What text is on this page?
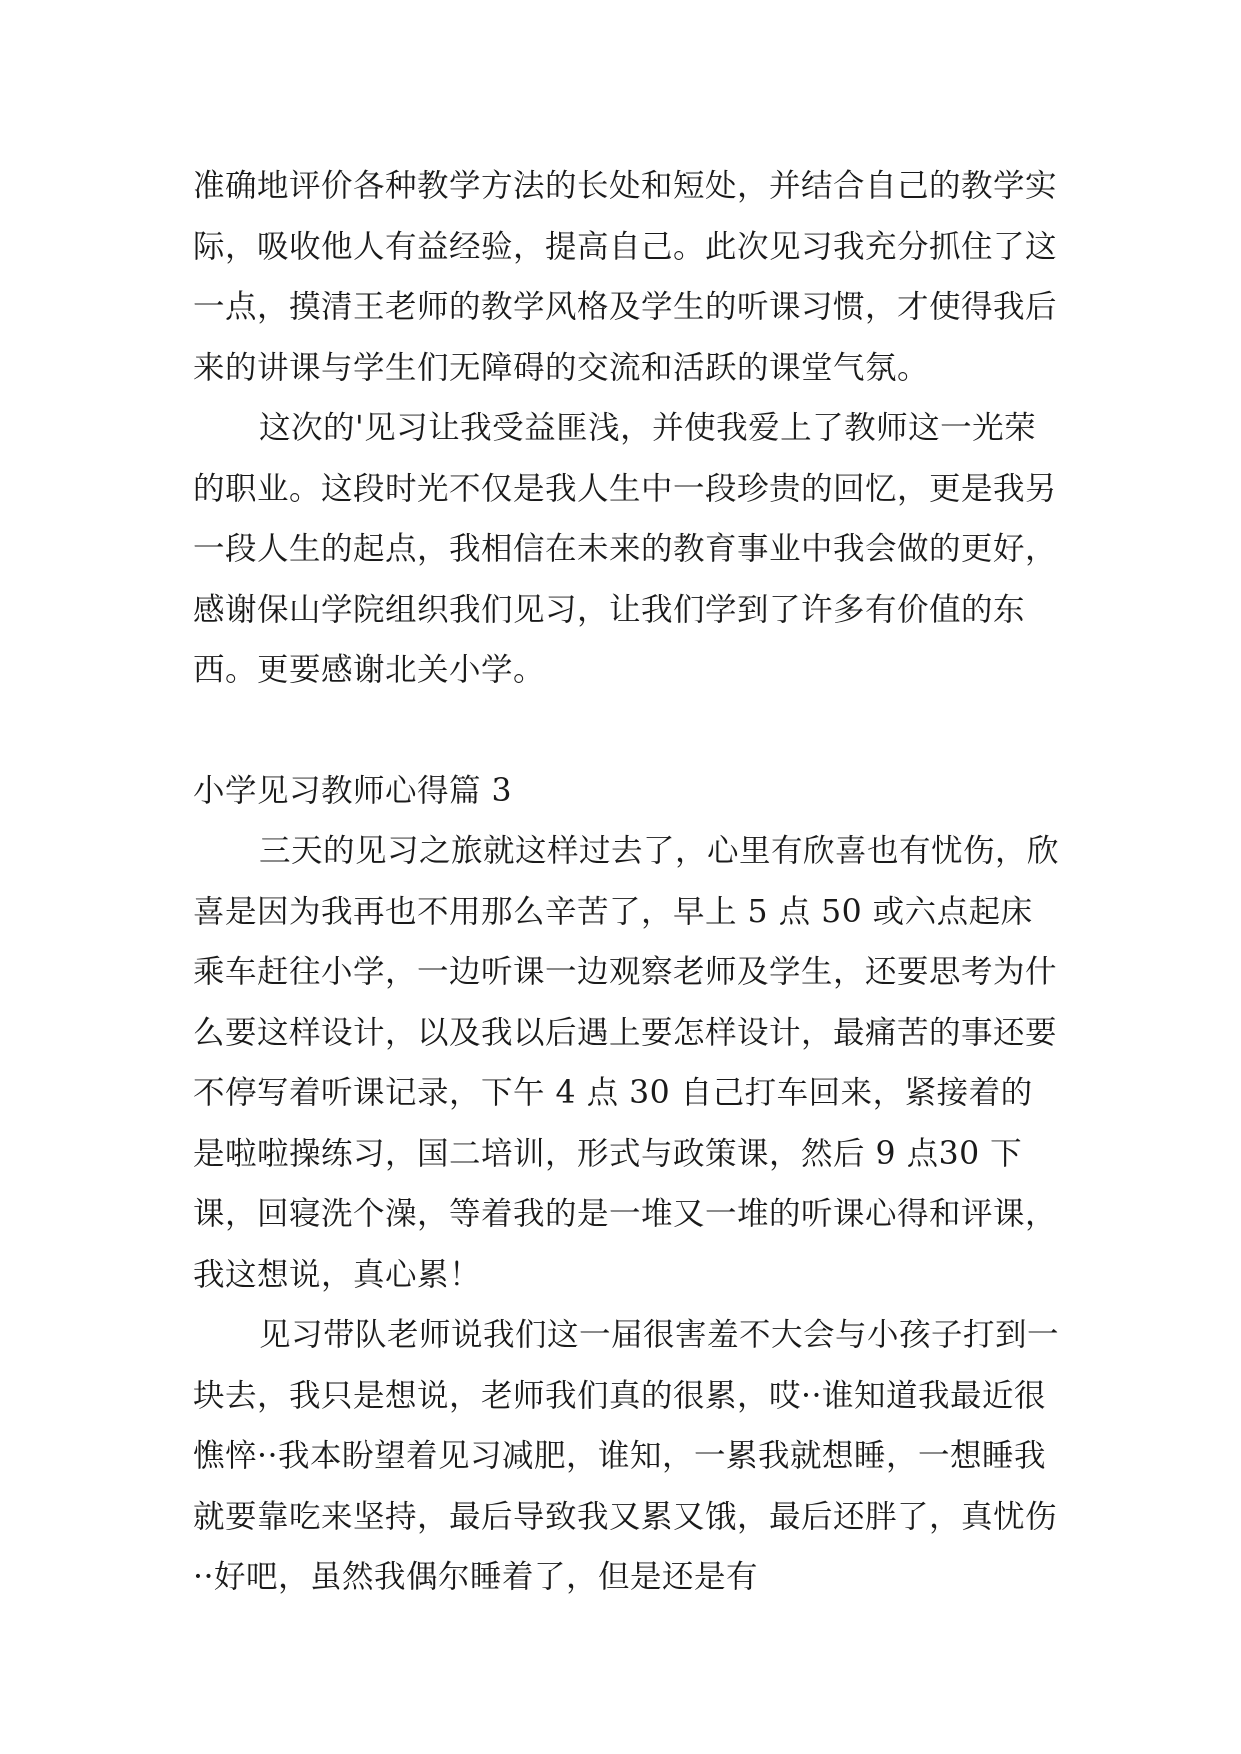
准确地评价各种教学方法的长处和短处，并结合自己的教学实际，吸收他人有益经验，提高自己。此次见习我充分抓住了这一点，摸清王老师的教学风格及学生的听课习惯，才使得我后来的讲课与学生们无障碍的交流和活跃的课堂气氛。

这次的'见习让我受益匪浅，并使我爱上了教师这一光荣的职业。这段时光不仅是我人生中一段珍贵的回忆，更是我另一段人生的起点，我相信在未来的教育事业中我会做的更好，感谢保山学院组织我们见习，让我们学到了许多有价值的东西。更要感谢北关小学。

小学见习教师心得篇 3

三天的见习之旅就这样过去了，心里有欣喜也有忧伤，欣喜是因为我再也不用那么辛苦了，早上 5 点 50 或六点起床乘车赶往小学，一边听课一边观察老师及学生，还要思考为什么要这样设计，以及我以后遇上要怎样设计，最痛苦的事还要不停写着听课记录，下午 4 点 30 自己打车回来，紧接着的是啦啦操练习，国二培训，形式与政策课，然后 9 点30 下课，回寝洗个澡，等着我的是一堆又一堆的听课心得和评课，我这想说，真心累！

见习带队老师说我们这一届很害羞不大会与小孩子打到一块去，我只是想说，老师我们真的很累，哎··谁知道我最近很憔悴··我本盼望着见习减肥，谁知，一累我就想睡，一想睡我就要靠吃来坚持，最后导致我又累又饿，最后还胖了，真忧伤··好吧，虽然我偶尔睡着了，但是还是有
